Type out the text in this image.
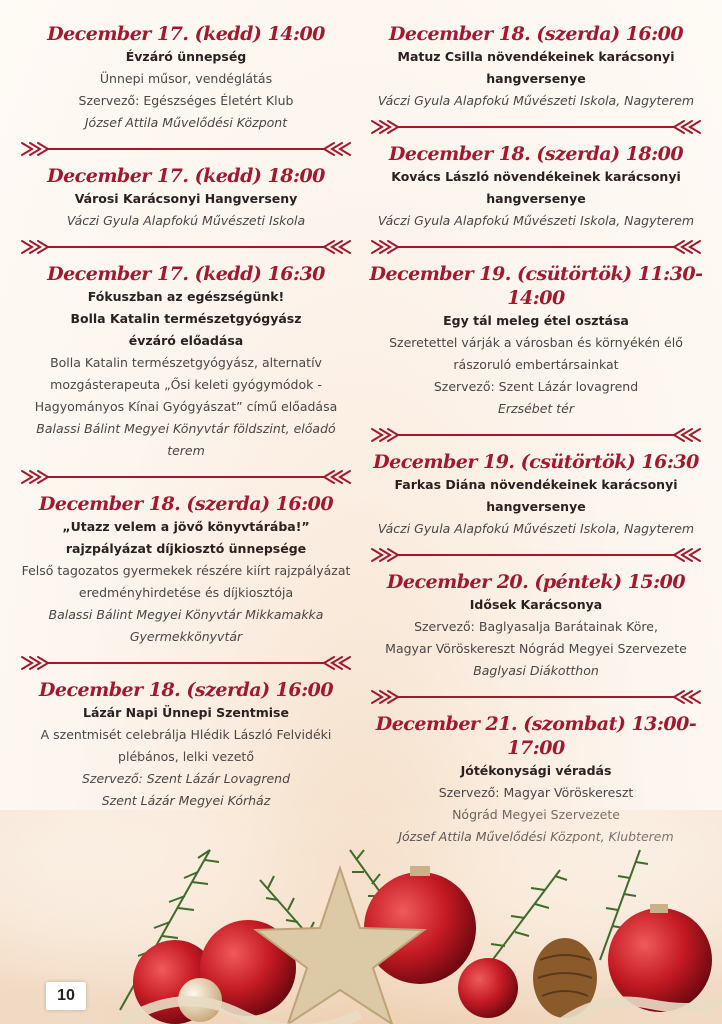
December 17. (kedd) 14:00
Évzáró ünnepség
Ünnepi műsor, vendéglátás
Szervező: Egészséges Életért Klub
József Attila Művelődési Központ
December 17. (kedd) 18:00
Városi Karácsonyi Hangverseny
Váczi Gyula Alapfokú Művészeti Iskola
December 17. (kedd) 16:30
Fókuszban az egészségünk!
Bolla Katalin természetgyógyász
évzáró előadása
Bolla Katalin természetgyógyász, alternatív
mozgásterapeuta „Ősi keleti gyógymódok -
Hagyományos Kínai Gyógyászat” című előadása
Balassi Bálint Megyei Könyvtár földszint, előadó terem
December 18. (szerda) 16:00
„Utazz velem a jövő könyvtárába!”
rajzpályázat díjkiosztó ünnepsége
Felső tagozatos gyermekek részére kiírt rajzpályázat
eredményhirdetése és díjkiosztója
Balassi Bálint Megyei Könyvtár Mikkamakka
Gyermekkönyvtár
December 18. (szerda) 16:00
Lázár Napi Ünnepi Szentmise
A szentmisét celebrálja Hlédik László Felvidéki
plébános, lelki vezető
Szervező: Szent Lázár Lovagrend
Szent Lázár Megyei Kórház
December 18. (szerda) 16:00
Matuz Csilla növendékeinek karácsonyi
hangversenye
Váczi Gyula Alapfokú Művészeti Iskola, Nagyterem
December 18. (szerda) 18:00
Kovács László növendékeinek karácsonyi
hangversenye
Váczi Gyula Alapfokú Művészeti Iskola, Nagyterem
December 19. (csütörtök) 11:30-14:00
Egy tál meleg étel osztása
Szeretettel várják a városban és környékén élő
rászoruló embertársainkat
Szervező: Szent Lázár lovagrend
Erzsébet tér
December 19. (csütörtök) 16:30
Farkas Diána növendékeinek karácsonyi
hangversenye
Váczi Gyula Alapfokú Művészeti Iskola, Nagyterem
December 20. (péntek) 15:00
Idősek Karácsonya
Szervező: Baglyasalja Barátainak Köre,
Magyar Vöröskereszt Nógrád Megyei Szervezete
Baglyasi Diákotthon
December 21. (szombat) 13:00-17:00
Jótékonysági véradás
Szervező: Magyar Vöröskereszt
10
